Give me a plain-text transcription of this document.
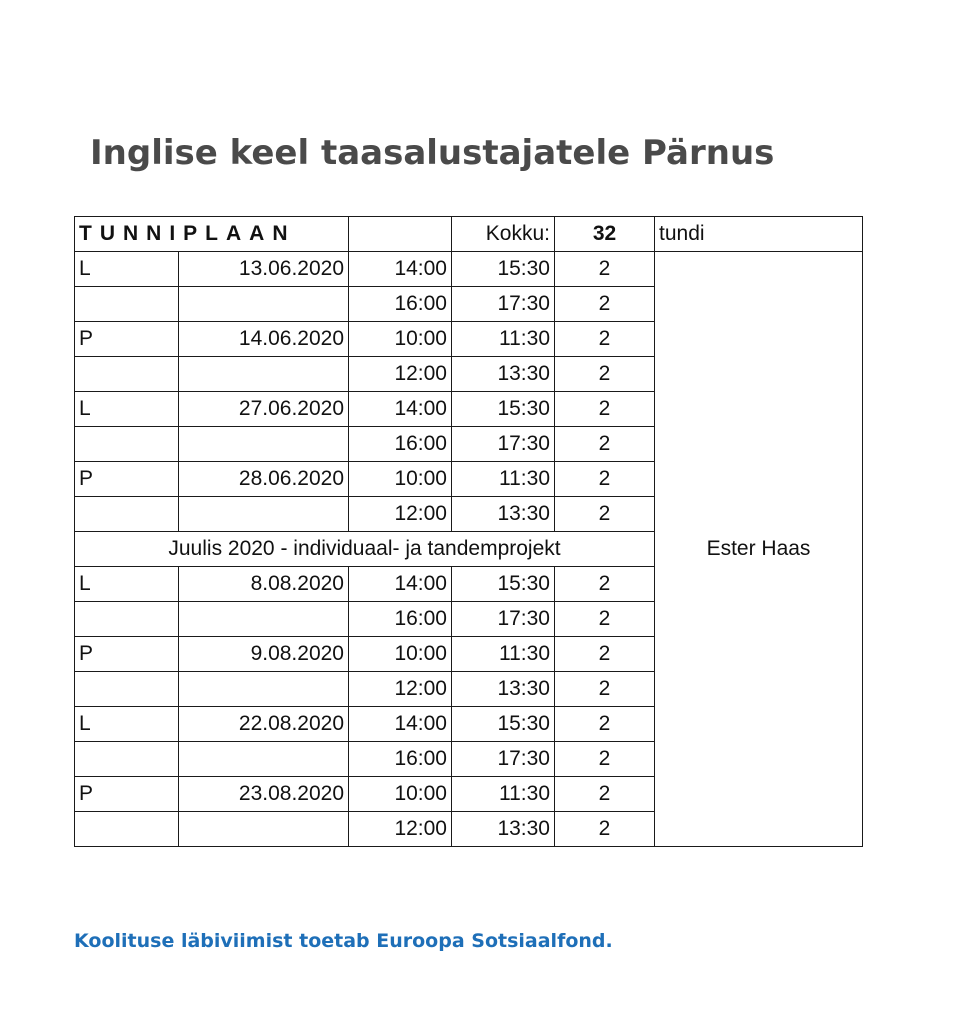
Inglise keel taasalustajatele Pärnus
TUNNIPLAAN			Kokku:	32	tundi
L	13.06.2020	14:00	15:30	2	Ester Haas
		16:00	17:30	2	
P	14.06.2020	10:00	11:30	2	
		12:00	13:30	2	
L	27.06.2020	14:00	15:30	2	
		16:00	17:30	2	
P	28.06.2020	10:00	11:30	2	
		12:00	13:30	2	
Juulis 2020 - individuaal- ja tandemprojekt					
L	8.08.2020	14:00	15:30	2	
		16:00	17:30	2	
P	9.08.2020	10:00	11:30	2	
		12:00	13:30	2	
L	22.08.2020	14:00	15:30	2	
		16:00	17:30	2	
P	23.08.2020	10:00	11:30	2	
		12:00	13:30	2	

Koolituse läbiviimist toetab Euroopa Sotsiaalfond.
